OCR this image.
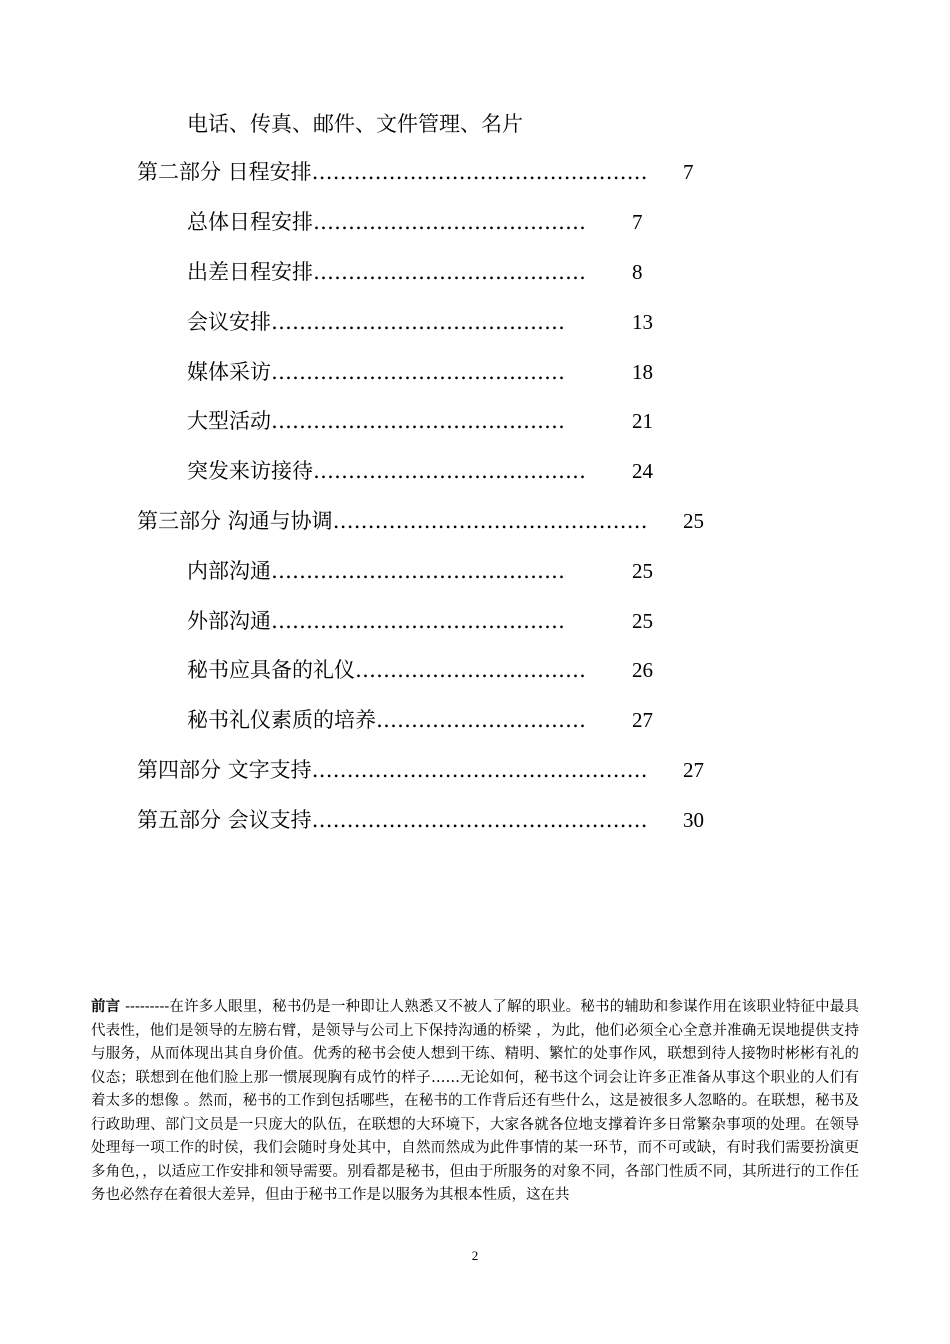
电话、传真、邮件、文件管理、名片
第二部分 日程安排………………………………………… 7
总体日程安排………………………………… 7
出差日程安排………………………………… 8
会议安排……………………………………	13
媒体采访……………………………………	18
大型活动……………………………………	21
突发来访接待………………………………… 24
第三部分 沟通与协调……………………………………… 25
内部沟通……………………………………	25
外部沟通……………………………………	25
秘书应具备的礼仪…………………………… 26
秘书礼仪素质的培养………………………… 27
第四部分 文字支持………………………………………… 27
第五部分 会议支持………………………………………… 30
前言 ---------在许多人眼里，秘书仍是一种即让人熟悉又不被人了解的职业。秘书的辅助和参谋作用在该职业特征中最具代表性，他们是领导的左膀右臂，是领导与公司上下保持沟通的桥梁 ，为此，他们必须全心全意并准确无误地提供支持与服务，从而体现出其自身价值。优秀的秘书会使人想到干练、精明、繁忙的处事作风，联想到待人接物时彬彬有礼的仪态；联想到在他们脸上那一惯展现胸有成竹的样子……无论如何，秘书这个词会让许多正准备从事这个职业的人们有着太多的想像 。然而，秘书的工作到包括哪些，在秘书的工作背后还有些什么，这是被很多人忽略的。在联想，秘书及行政助理、部门文员是一只庞大的队伍，在联想的大环境下，大家各就各位地支撑着许多日常繁杂事项的处理。在领导处理每一项工作的时侯，我们会随时身处其中，自然而然成为此件事情的某一环节，而不可或缺，有时我们需要扮演更多角色，，以适应工作安排和领导需要。别看都是秘书，但由于所服务的对象不同，各部门性质不同，其所进行的工作任务也必然存在着很大差异，但由于秘书工作是以服务为其根本性质，这在共
2
